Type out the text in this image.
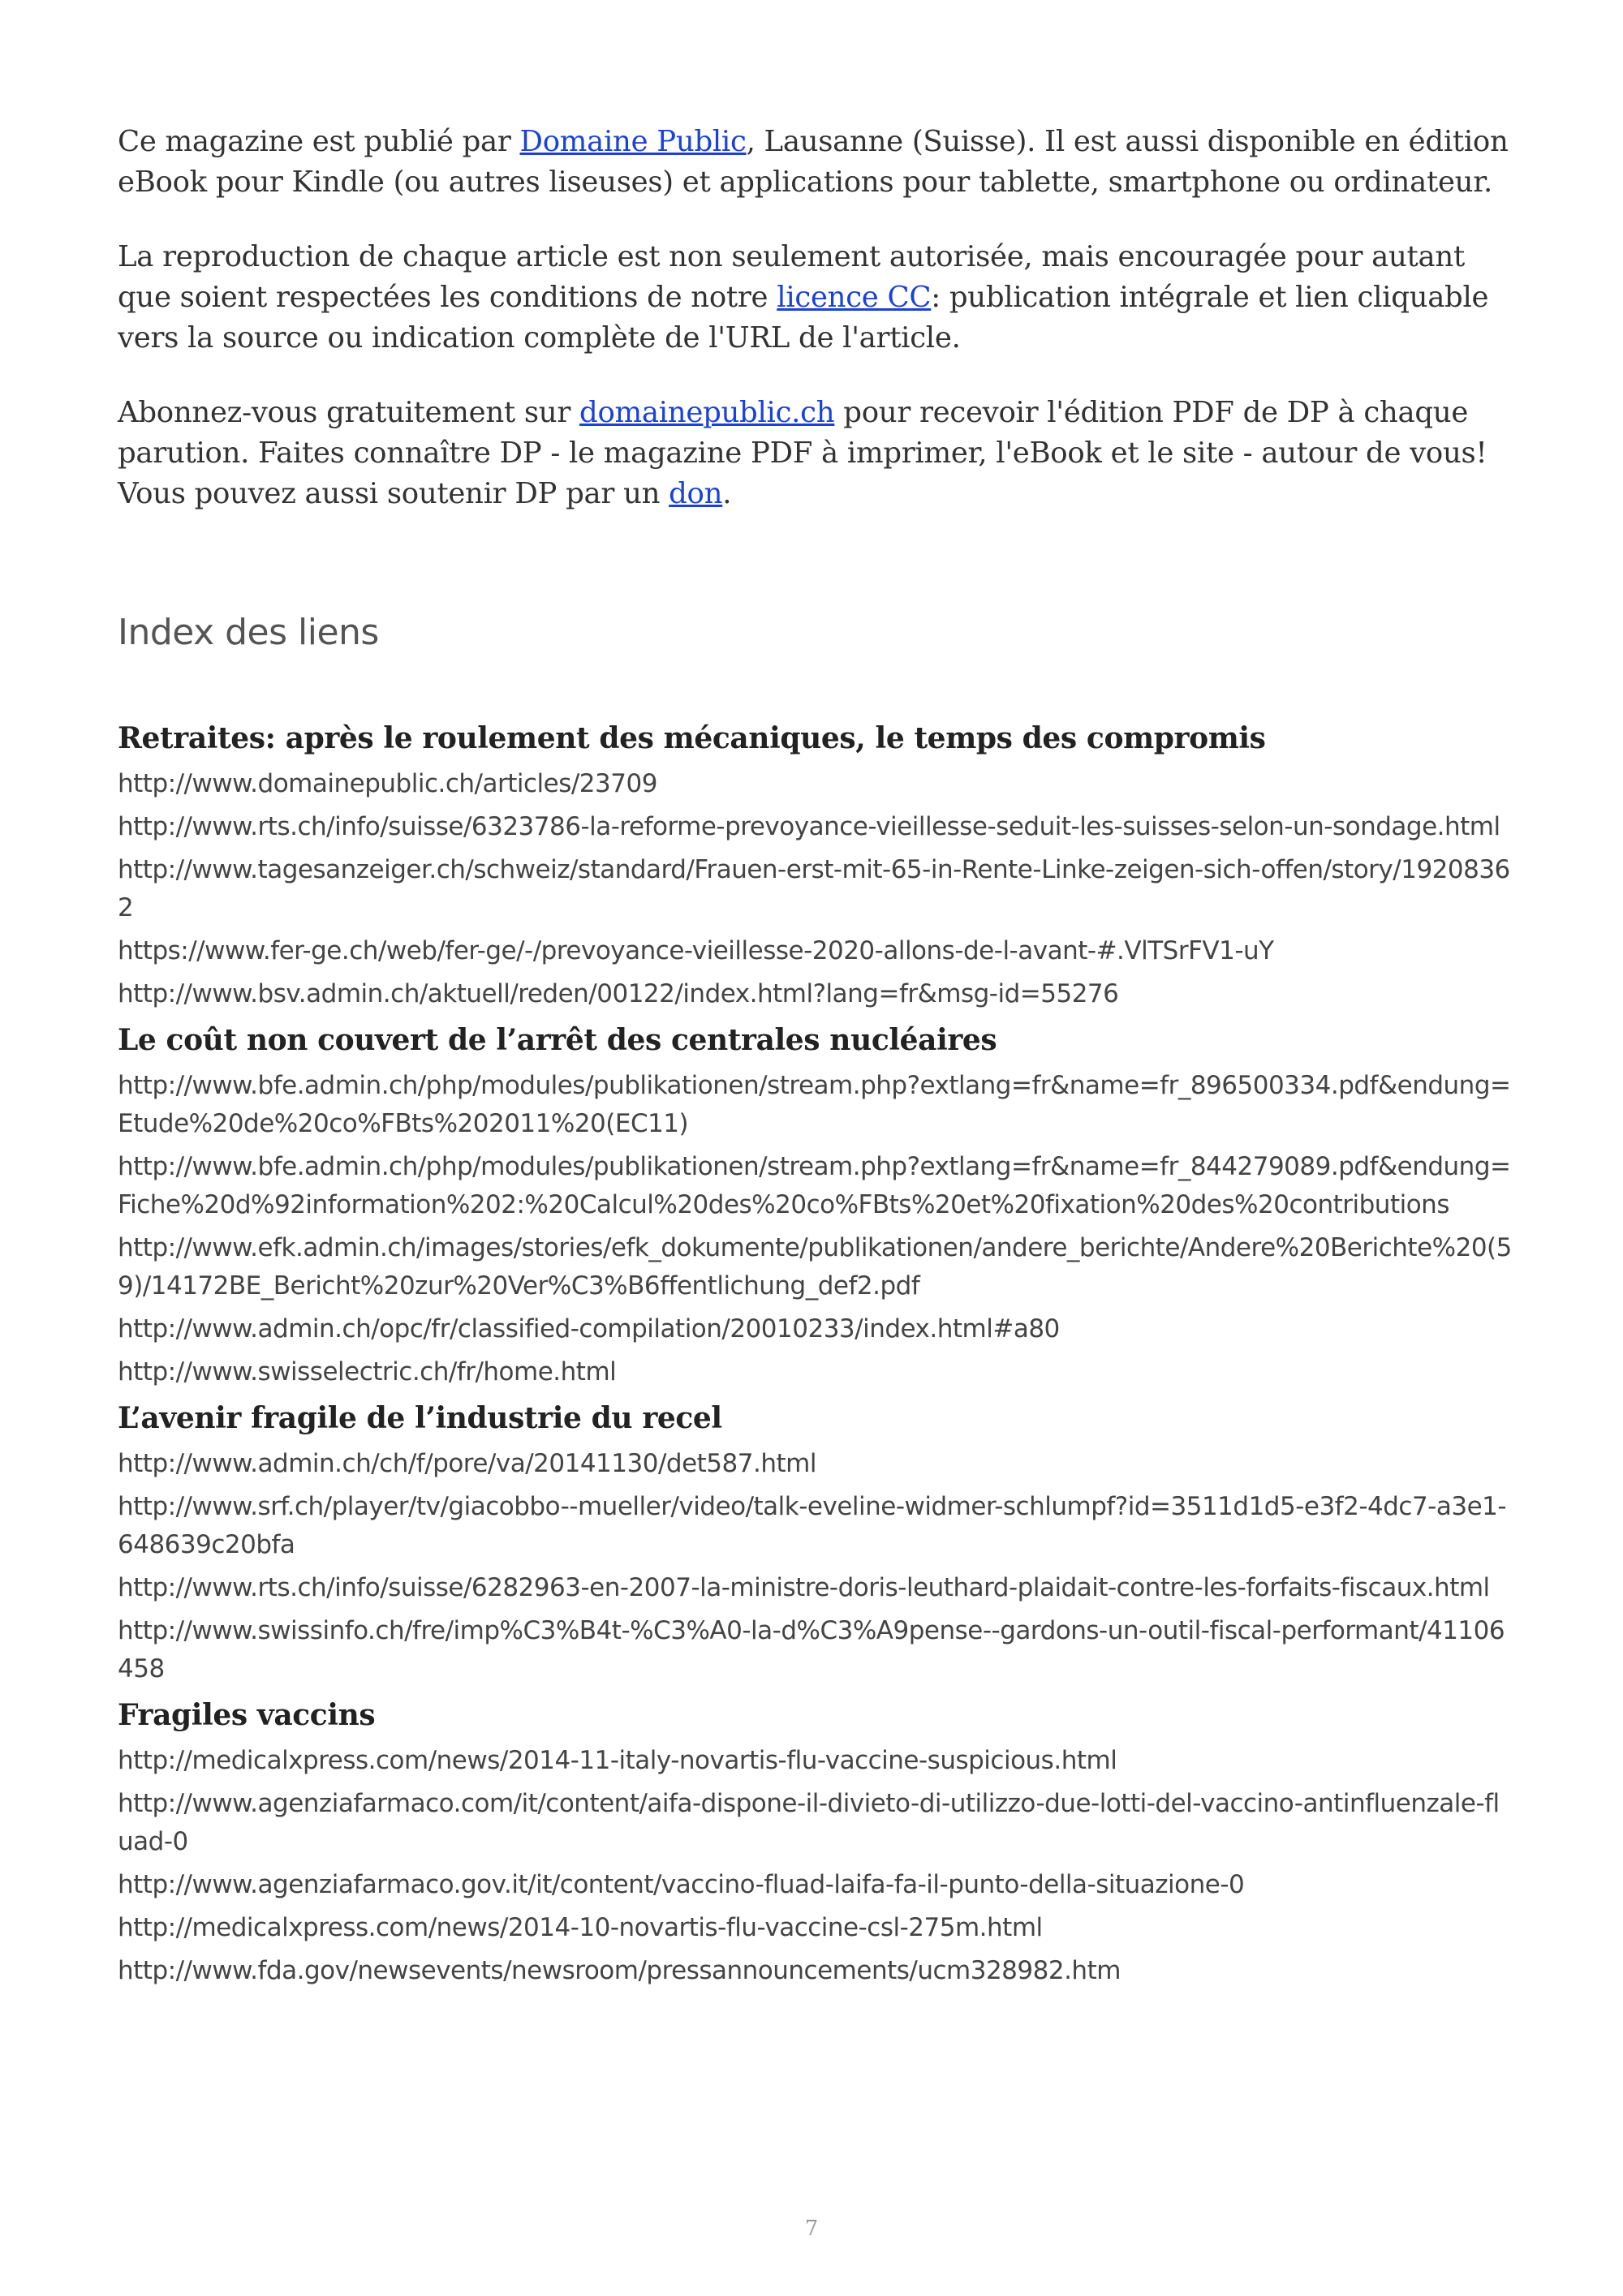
Ce magazine est publié par Domaine Public, Lausanne (Suisse). Il est aussi disponible en édition eBook pour Kindle (ou autres liseuses) et applications pour tablette, smartphone ou ordinateur.

La reproduction de chaque article est non seulement autorisée, mais encouragée pour autant que soient respectées les conditions de notre licence CC: publication intégrale et lien cliquable vers la source ou indication complète de l'URL de l'article.

Abonnez-vous gratuitement sur domainepublic.ch pour recevoir l'édition PDF de DP à chaque parution. Faites connaître DP - le magazine PDF à imprimer, l'eBook et le site - autour de vous! Vous pouvez aussi soutenir DP par un don.

Index des liens
Retraites: après le roulement des mécaniques, le temps des compromis
http://www.domainepublic.ch/articles/23709
http://www.rts.ch/info/suisse/6323786-la-reforme-prevoyance-vieillesse-seduit-les-suisses-selon-un-sondage.html
http://www.tagesanzeiger.ch/schweiz/standard/Frauen-erst-mit-65-in-Rente-Linke-zeigen-sich-offen/story/19208362
https://www.fer-ge.ch/web/fer-ge/-/prevoyance-vieillesse-2020-allons-de-l-avant-#.VlTSrFV1-uY
http://www.bsv.admin.ch/aktuell/reden/00122/index.html?lang=fr&msg-id=55276
Le coût non couvert de l’arrêt des centrales nucléaires
http://www.bfe.admin.ch/php/modules/publikationen/stream.php?extlang=fr&name=fr_896500334.pdf&endung=Etude%20de%20co%FBts%202011%20(EC11)
http://www.bfe.admin.ch/php/modules/publikationen/stream.php?extlang=fr&name=fr_844279089.pdf&endung=Fiche%20d%92information%202:%20Calcul%20des%20co%FBts%20et%20fixation%20des%20contributions
http://www.efk.admin.ch/images/stories/efk_dokumente/publikationen/andere_berichte/Andere%20Berichte%20(59)/14172BE_Bericht%20zur%20Ver%C3%B6ffentlichung_def2.pdf
http://www.admin.ch/opc/fr/classified-compilation/20010233/index.html#a80
http://www.swisselectric.ch/fr/home.html
L’avenir fragile de l’industrie du recel
http://www.admin.ch/ch/f/pore/va/20141130/det587.html
http://www.srf.ch/player/tv/giacobbo--mueller/video/talk-eveline-widmer-schlumpf?id=3511d1d5-e3f2-4dc7-a3e1-648639c20bfa
http://www.rts.ch/info/suisse/6282963-en-2007-la-ministre-doris-leuthard-plaidait-contre-les-forfaits-fiscaux.html
http://www.swissinfo.ch/fre/imp%C3%B4t-%C3%A0-la-d%C3%A9pense--gardons-un-outil-fiscal-performant/41106458
Fragiles vaccins
http://medicalxpress.com/news/2014-11-italy-novartis-flu-vaccine-suspicious.html
http://www.agenziafarmaco.com/it/content/aifa-dispone-il-divieto-di-utilizzo-due-lotti-del-vaccino-antinfluenzale-fluad-0
http://www.agenziafarmaco.gov.it/it/content/vaccino-fluad-laifa-fa-il-punto-della-situazione-0
http://medicalxpress.com/news/2014-10-novartis-flu-vaccine-csl-275m.html
http://www.fda.gov/newsevents/newsroom/pressannouncements/ucm328982.htm
7
